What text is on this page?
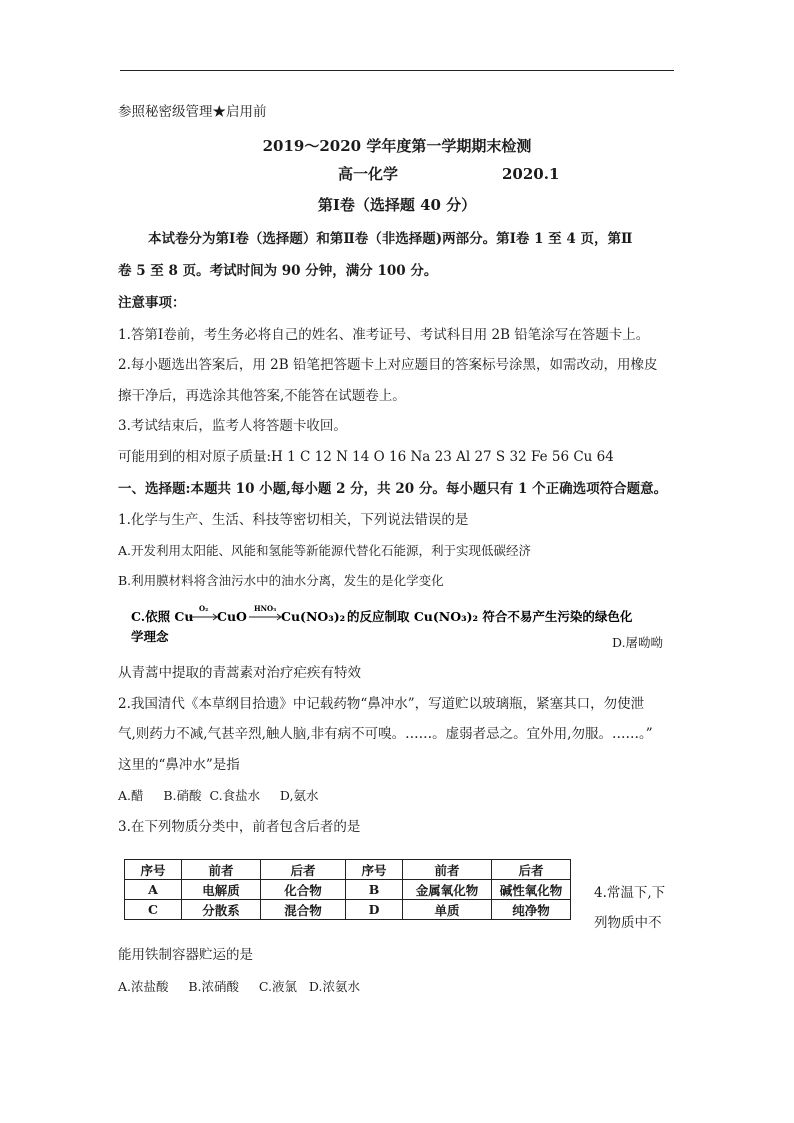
参照秘密级管理★启用前
2019～2020 学年度第一学期期末检测
高一化学	2020.1
第Ⅰ卷（选择题 40 分）
本试卷分为第Ⅰ卷（选择题）和第Ⅱ卷（非选择题)两部分。第Ⅰ卷 1 至 4 页，第Ⅱ
卷 5 至 8 页。考试时间为 90 分钟，满分 100 分。
注意事项：
1.答第Ⅰ卷前，考生务必将自己的姓名、准考证号、考试科目用 2B 铅笔涂写在答题卡上。
2.每小题选出答案后，用 2B 铅笔把答题卡上对应题目的答案标号涂黑，如需改动，用橡皮
擦干净后，再选涂其他答案,不能答在试题卷上。
3.考试结束后，监考人将答题卡收回。
可能用到的相对原子质量:H 1 C 12 N 14 O 16 Na 23 Al 27 S 32 Fe 56 Cu 64
一、选择题:本题共 10 小题,每小题 2 分，共 20 分。每小题只有 1 个正确选项符合题意。
1.化学与生产、生活、科技等密切相关，下列说法错误的是
A.开发利用太阳能、风能和氢能等新能源代替化石能源，利于实现低碳经济
B.利用膜材料将含油污水中的油水分离，发生的是化学变化
C.依照 Cu
O₂
CuO
HNO₃
Cu(NO₃)₂ 的反应制取 Cu(NO₃)₂ 符合不易产生污染的绿色化
学理念	D.屠呦呦
从青蒿中提取的青蒿素对治疗疟疾有特效
2.我国清代《本草纲目拾遗》中记载药物“鼻冲水”，写道贮以玻璃瓶，紧塞其口，勿使泄
气,则药力不减,气甚辛烈,触人脑,非有病不可嗅。……。虚弱者忌之。宜外用,勿服。……。”
这里的“鼻冲水”是指
A.醋     B.硝酸  C.食盐水     D,氨水
3.在下列物质分类中，前者包含后者的是
序号	前者	后者	序号	前者	后者
A	电解质	化合物	B	金属氧化物	碱性氧化物
C	分散系	混合物	D	单质	纯净物
4.常温下,下
列物质中不
能用铁制容器贮运的是
A.浓盐酸     B.浓硝酸     C.液氯   D.浓氨水
